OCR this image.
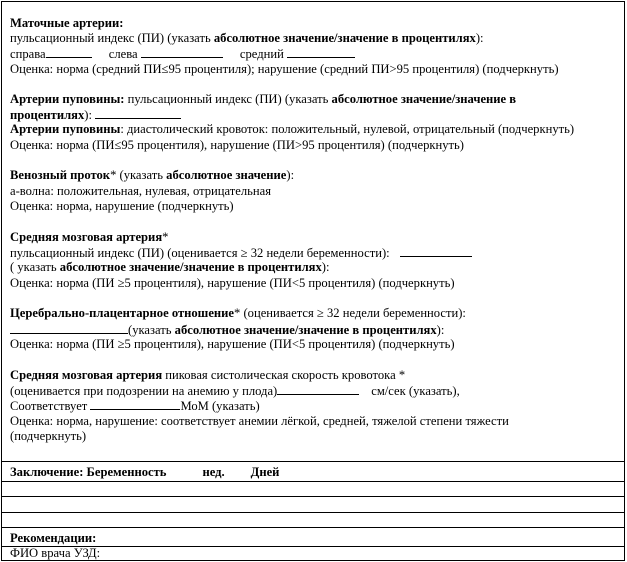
Маточные артерии:
пульсационный индекс (ПИ) (указать абсолютное значение/значение в процентилях):
справа	слева	средний
Оценка: норма (средний ПИ≤95 процентиля); нарушение (средний ПИ>95 процентиля) (подчеркнуть)
Артерии пуповины: пульсационный индекс (ПИ) (указать абсолютное значение/значение в
процентилях):
Артерии пуповины: диастолический кровоток: положительный, нулевой, отрицательный (подчеркнуть)
Оценка: норма (ПИ≤95 процентиля), нарушение (ПИ>95 процентиля) (подчеркнуть)
Венозный проток* (указать абсолютное значение):
а-волна: положительная, нулевая, отрицательная
Оценка: норма, нарушение (подчеркнуть)
Средняя мозговая артерия*
пульсационный индекс (ПИ) (оценивается ≥ 32 недели беременности):
( указать абсолютное значение/значение в процентилях):
Оценка: норма (ПИ ≥5 процентиля), нарушение (ПИ<5 процентиля) (подчеркнуть)
Церебрально-плацентарное отношение* (оценивается ≥ 32 недели беременности):
(указать абсолютное значение/значение в процентилях):
Оценка: норма (ПИ ≥5 процентиля), нарушение (ПИ<5 процентиля) (подчеркнуть)
Средняя мозговая артерия пиковая систолическая скорость кровотока *
(оценивается при подозрении на анемию у плода)	см/сек (указать),
Соответствует	МоМ (указать)
Оценка: норма, нарушение: соответствует анемии лёгкой, средней, тяжелой степени тяжести
(подчеркнуть)
Заключение: Беременность	нед. Дней
Рекомендации:
ФИО врача УЗД:
